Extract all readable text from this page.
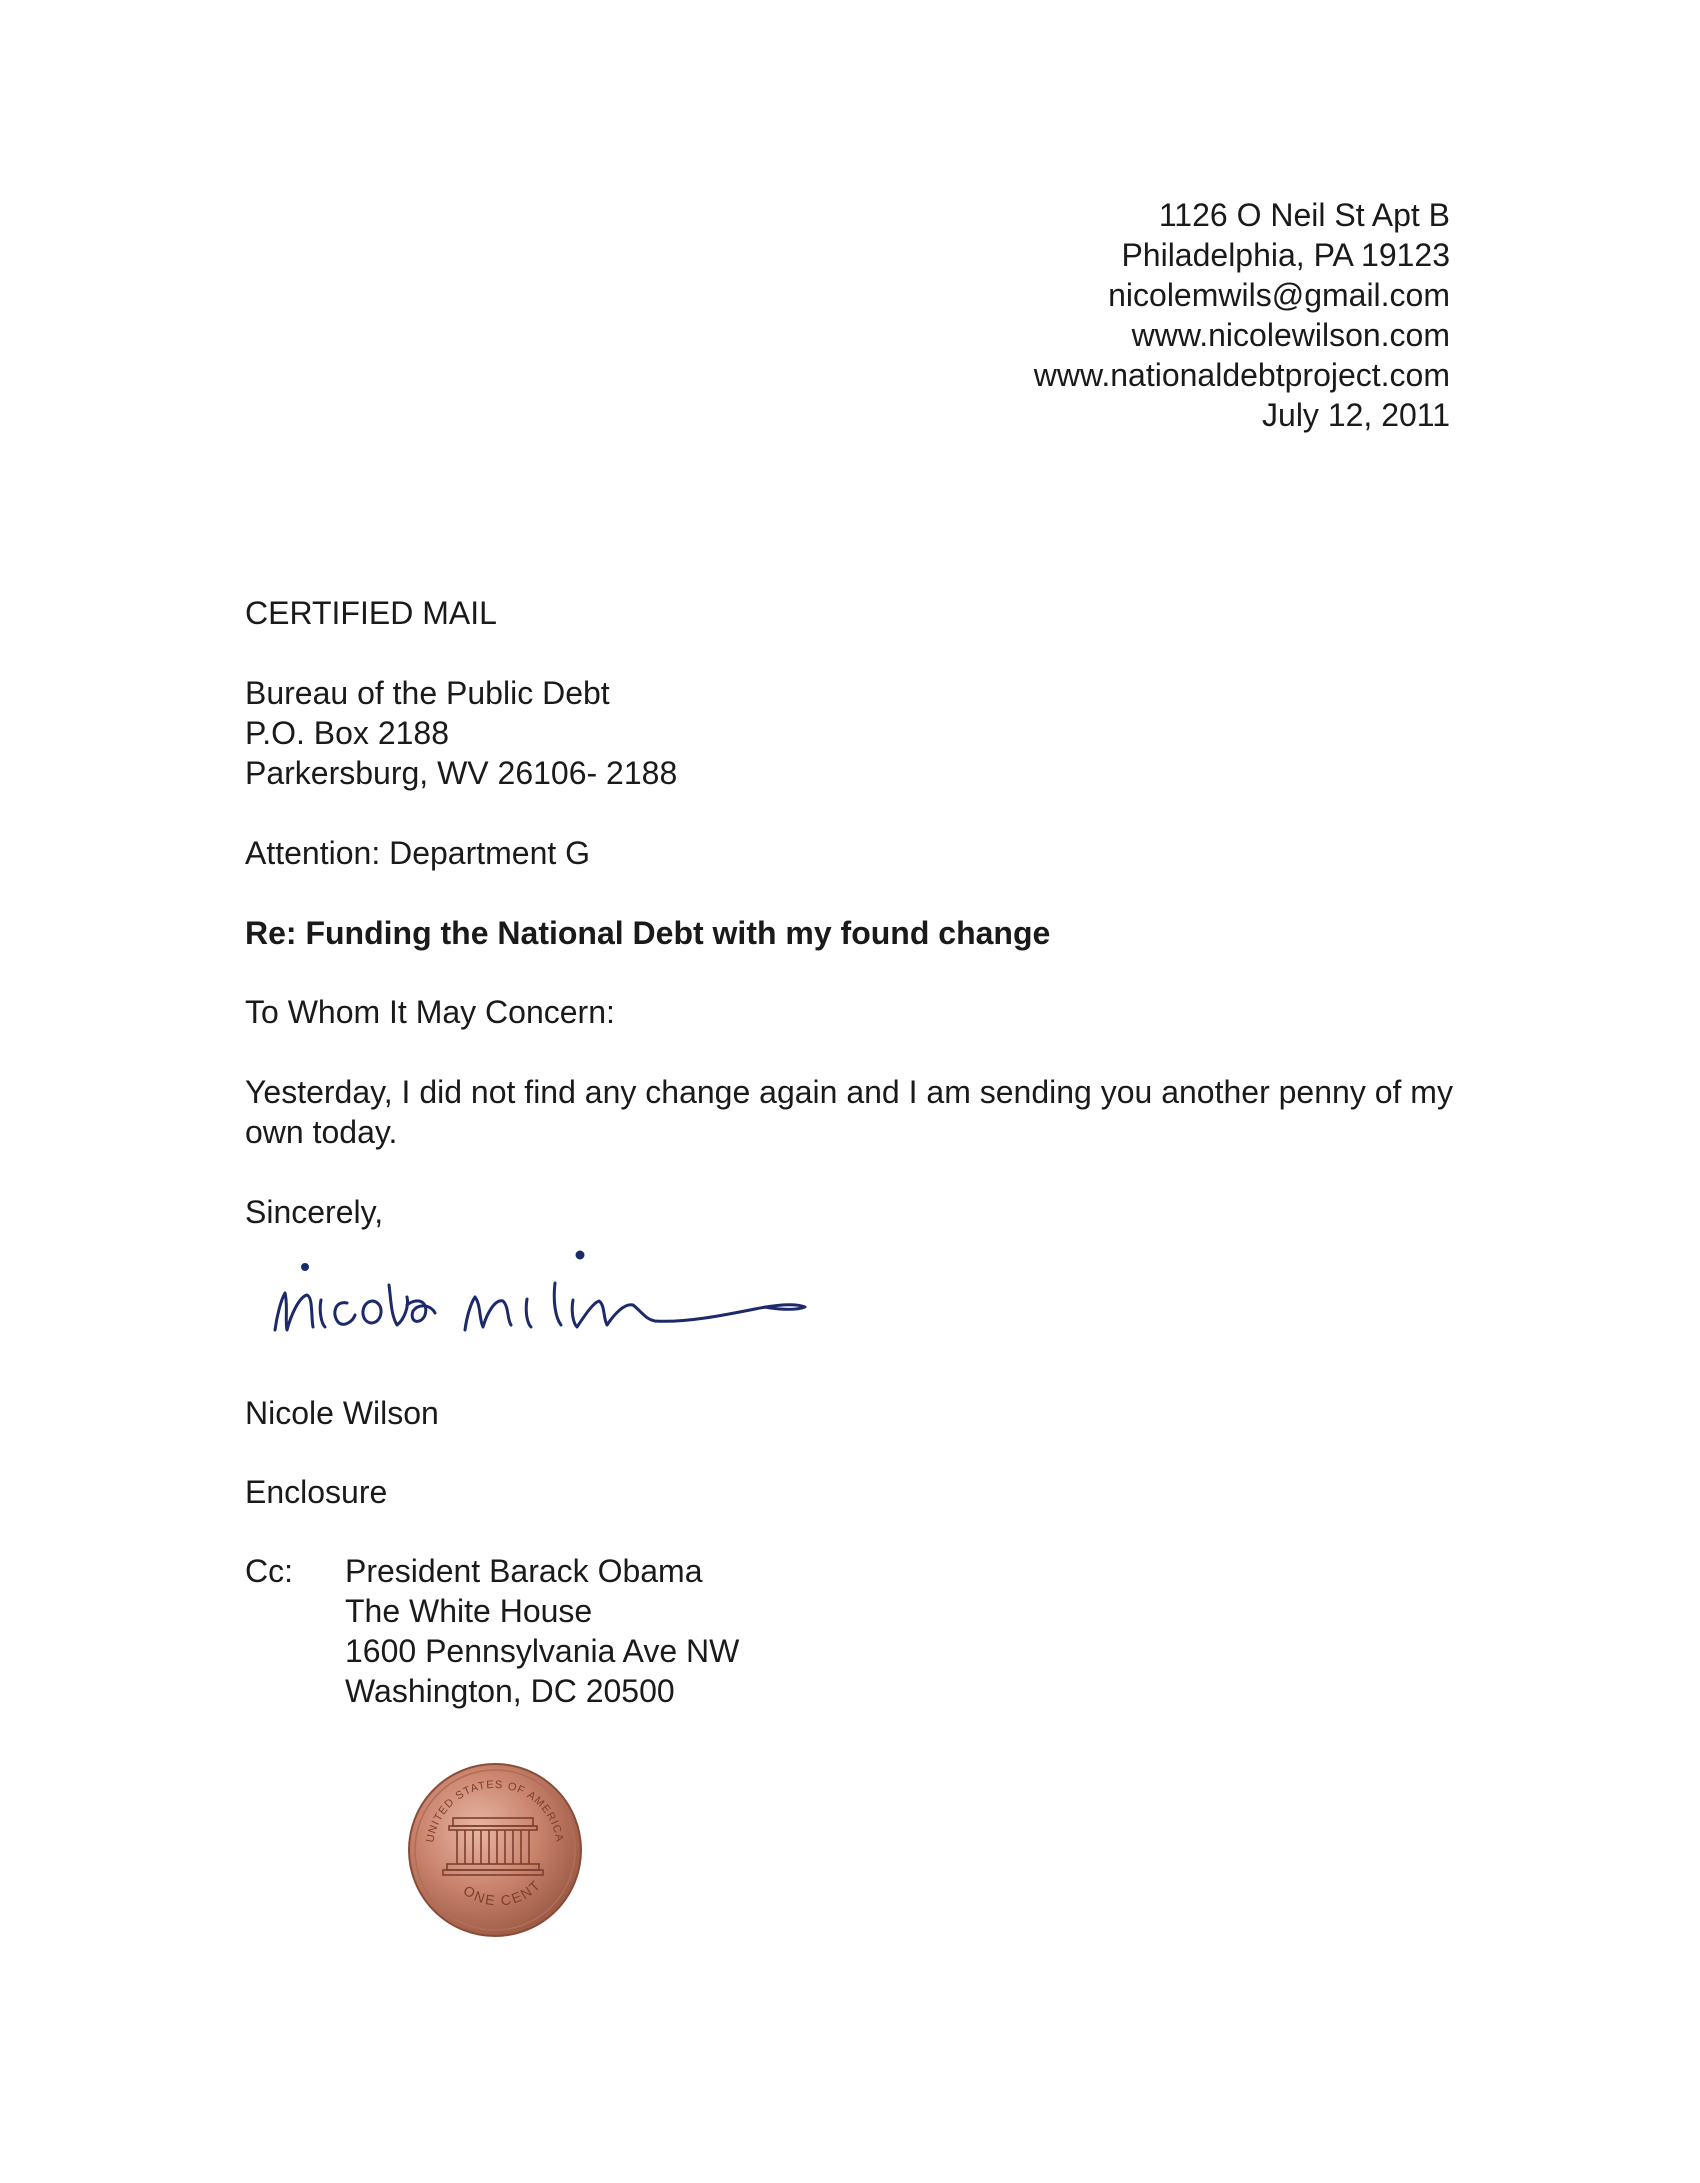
1126 O Neil St Apt B
Philadelphia, PA 19123
nicolemwils@gmail.com
www.nicolewilson.com
www.nationaldebtproject.com
July 12, 2011
CERTIFIED MAIL
Bureau of the Public Debt
P.O. Box 2188
Parkersburg, WV 26106- 2188
Attention: Department G
Re: Funding the National Debt with my found change
To Whom It May Concern:
Yesterday, I did not find any change again and I am sending you another penny of my own today.
Sincerely,
Nicole Wilson
Enclosure
Cc: President Barack Obama
The White House
1600 Pennsylvania Ave NW
Washington, DC 20500
UNITED STATES OF AMERICA
ONE CENT
